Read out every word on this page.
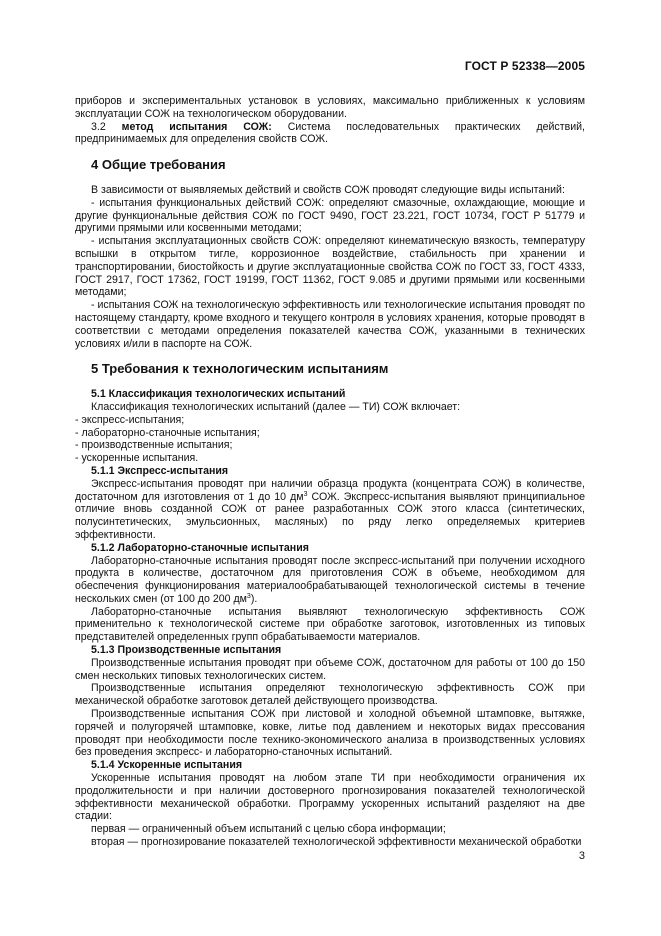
ГОСТ Р 52338—2005

приборов и экспериментальных установок в условиях, максимально приближенных к условиям эксплуатации СОЖ на технологическом оборудовании.

3.2 метод испытания СОЖ: Система последовательных практических действий, предпринимаемых для определения свойств СОЖ.

4 Общие требования

В зависимости от выявляемых действий и свойств СОЖ проводят следующие виды испытаний:

- испытания функциональных действий СОЖ: определяют смазочные, охлаждающие, моющие и другие функциональные действия СОЖ по ГОСТ 9490, ГОСТ 23.221, ГОСТ 10734, ГОСТ Р 51779 и другими прямыми или косвенными методами;

- испытания эксплуатационных свойств СОЖ: определяют кинематическую вязкость, температуру вспышки в открытом тигле, коррозионное воздействие, стабильность при хранении и транспортировании, биостойкость и другие эксплуатационные свойства СОЖ по ГОСТ 33, ГОСТ 4333, ГОСТ 2917, ГОСТ 17362, ГОСТ 19199, ГОСТ 11362, ГОСТ 9.085 и другими прямыми или косвенными методами;

- испытания СОЖ на технологическую эффективность или технологические испытания проводят по настоящему стандарту, кроме входного и текущего контроля в условиях хранения, которые проводят в соответствии с методами определения показателей качества СОЖ, указанными в технических условиях и/или в паспорте на СОЖ.

5 Требования к технологическим испытаниям

5.1 Классификация технологических испытаний

Классификация технологических испытаний (далее — ТИ) СОЖ включает:

- экспресс-испытания;

- лабораторно-станочные испытания;

- производственные испытания;

- ускоренные испытания.

5.1.1 Экспресс-испытания

Экспресс-испытания проводят при наличии образца продукта (концентрата СОЖ) в количестве, достаточном для изготовления от 1 до 10 $дм^3$ СОЖ. Экспресс-испытания выявляют принципиальное отличие вновь созданной СОЖ от ранее разработанных СОЖ этого класса (синтетических, полусинтетических, эмульсионных, масляных) по ряду легко определяемых критериев эффективности.

5.1.2 Лабораторно-станочные испытания

Лабораторно-станочные испытания проводят после экспресс-испытаний при получении исходного продукта в количестве, достаточном для приготовления СОЖ в объеме, необходимом для обеспечения функционирования материалообрабатывающей технологической системы в течение нескольких смен (от 100 до 200 $дм^3$).

Лабораторно-станочные испытания выявляют технологическую эффективность СОЖ применительно к технологической системе при обработке заготовок, изготовленных из типовых представителей определенных групп обрабатываемости материалов.

5.1.3 Производственные испытания

Производственные испытания проводят при объеме СОЖ, достаточном для работы от 100 до 150 смен нескольких типовых технологических систем.

Производственные испытания определяют технологическую эффективность СОЖ при механической обработке заготовок деталей действующего производства.

Производственные испытания СОЖ при листовой и холодной объемной штамповке, вытяжке, горячей и полугорячей штамповке, ковке, литье под давлением и некоторых видах прессования проводят при необходимости после технико-экономического анализа в производственных условиях без проведения экспресс- и лабораторно-станочных испытаний.

5.1.4 Ускоренные испытания

Ускоренные испытания проводят на любом этапе ТИ при необходимости ограничения их продолжительности и при наличии достоверного прогнозирования показателей технологической эффективности механической обработки. Программу ускоренных испытаний разделяют на две стадии:

первая — ограниченный объем испытаний с целью сбора информации;

вторая — прогнозирование показателей технологической эффективности механической обработки

3
